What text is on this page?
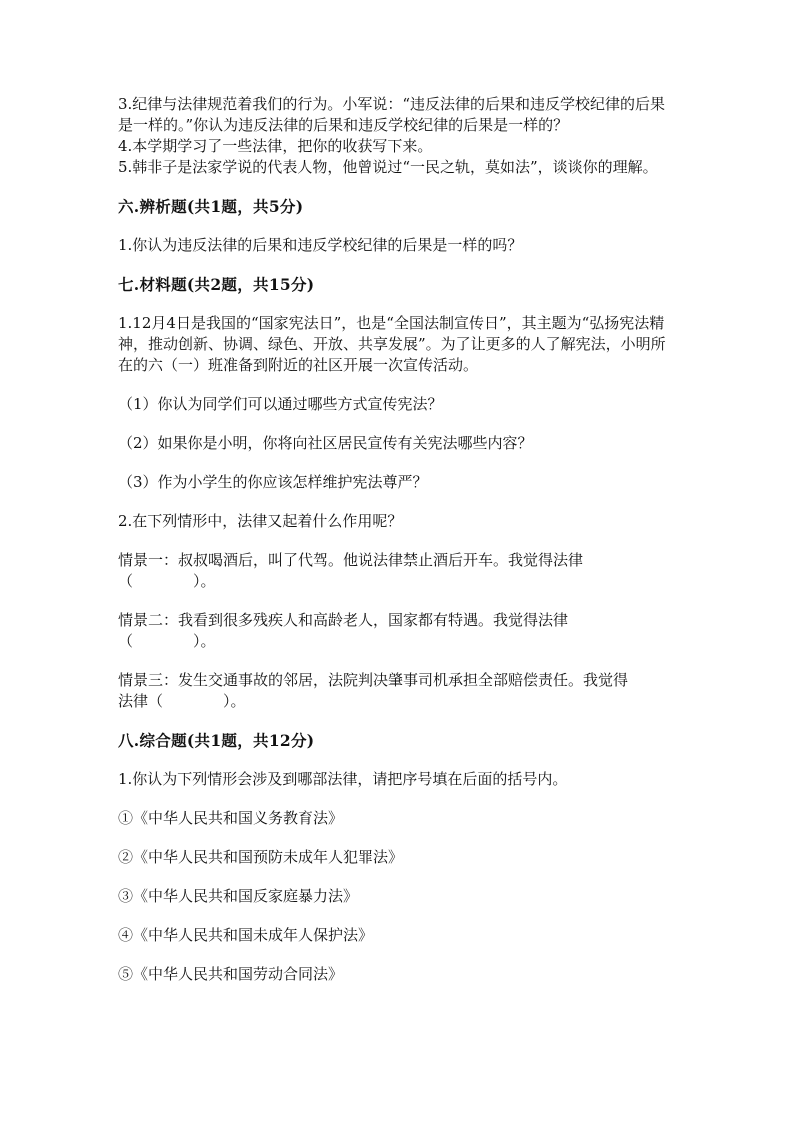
3.纪律与法律规范着我们的行为。小军说：“违反法律的后果和违反学校纪律的后果是一样的。”你认为违反法律的后果和违反学校纪律的后果是一样的？

4.本学期学习了一些法律，把你的收获写下来。

5.韩非子是法家学说的代表人物，他曾说过“一民之轨，莫如法”，谈谈你的理解。

六.辨析题(共1题，共5分)

1.你认为违反法律的后果和违反学校纪律的后果是一样的吗？

七.材料题(共2题，共15分)

1.12月4日是我国的“国家宪法日”，也是“全国法制宣传日”，其主题为“弘扬宪法精神，推动创新、协调、绿色、开放、共享发展”。为了让更多的人了解宪法，小明所在的六（一）班准备到附近的社区开展一次宣传活动。

（1）你认为同学们可以通过哪些方式宣传宪法？

（2）如果你是小明，你将向社区居民宣传有关宪法哪些内容？

（3）作为小学生的你应该怎样维护宪法尊严？

2.在下列情形中，法律又起着什么作用呢？

情景一：叔叔喝酒后，叫了代驾。他说法律禁止酒后开车。我觉得法律

（　　　　）。

情景二：我看到很多残疾人和高龄老人，国家都有特遇。我觉得法律

（　　　　）。

情景三：发生交通事故的邻居，法院判决肇事司机承担全部赔偿责任。我觉得

法律（　　　　）。

八.综合题(共1题，共12分)

1.你认为下列情形会涉及到哪部法律，请把序号填在后面的括号内。

①《中华人民共和国义务教育法》

②《中华人民共和国预防未成年人犯罪法》

③《中华人民共和国反家庭暴力法》

④《中华人民共和国未成年人保护法》

⑤《中华人民共和国劳动合同法》
